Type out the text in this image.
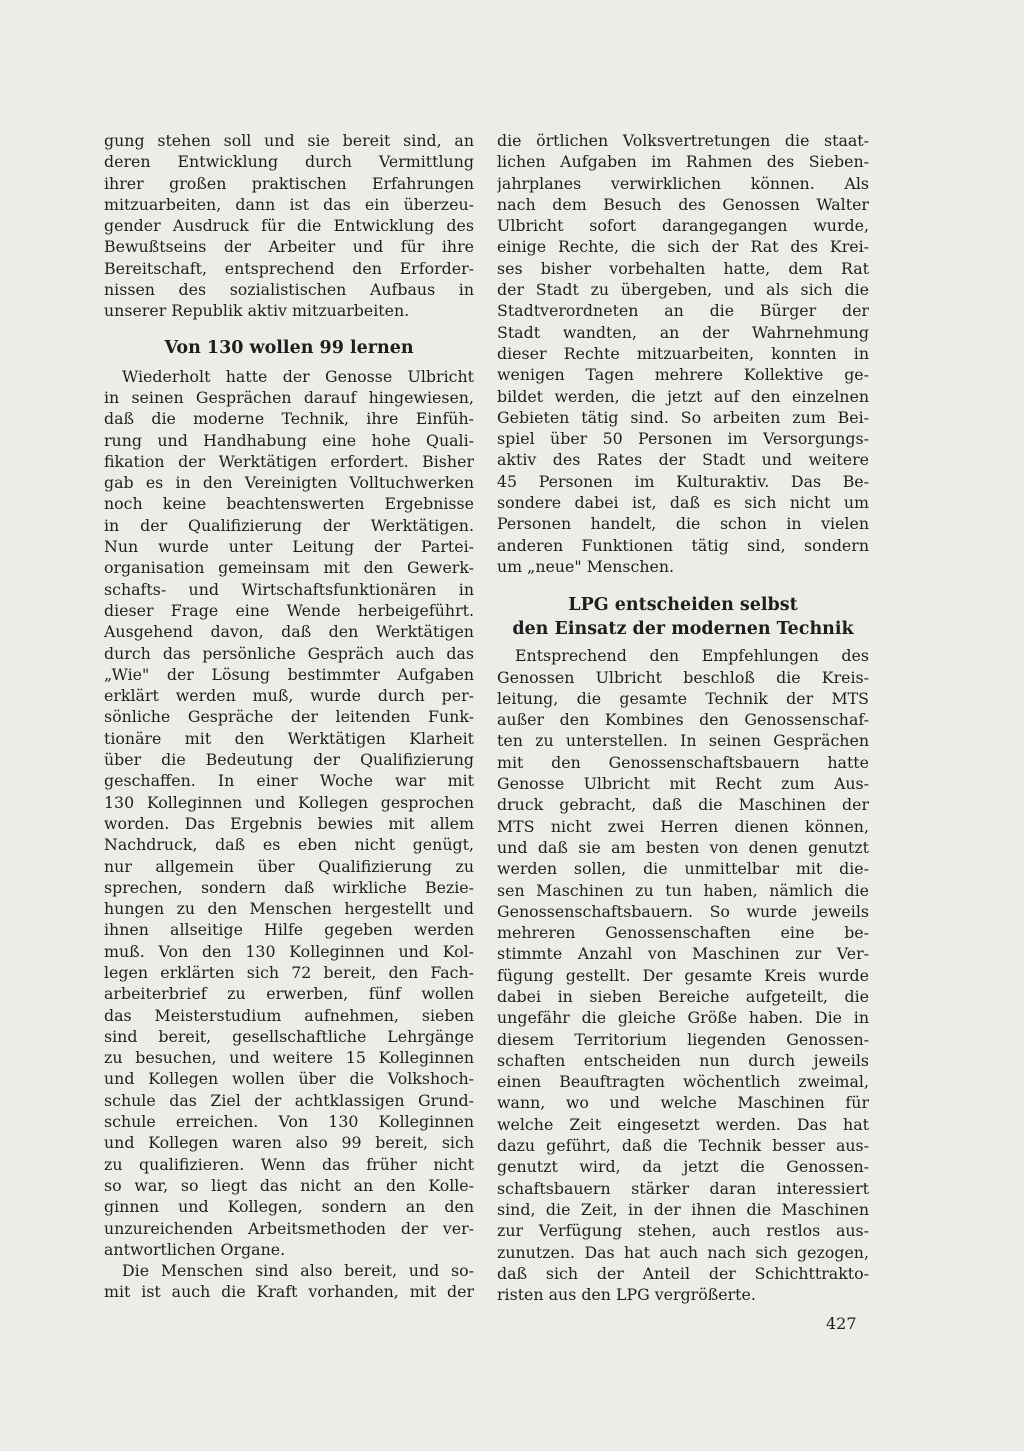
gung stehen soll und sie bereit sind, an
deren Entwicklung durch Vermittlung
ihrer großen praktischen Erfahrungen
mitzuarbeiten, dann ist das ein überzeu-
gender Ausdruck für die Entwicklung des
Bewußtseins der Arbeiter und für ihre
Bereitschaft, entsprechend den Erforder-
nissen des sozialistischen Aufbaus in
unserer Republik aktiv mitzuarbeiten.
Von 130 wollen 99 lernen
Wiederholt hatte der Genosse Ulbricht
in seinen Gesprächen darauf hingewiesen,
daß die moderne Technik, ihre Einfüh-
rung und Handhabung eine hohe Quali-
fikation der Werktätigen erfordert. Bisher
gab es in den Vereinigten Volltuchwerken
noch keine beachtenswerten Ergebnisse
in der Qualifizierung der Werktätigen.
Nun wurde unter Leitung der Partei-
organisation gemeinsam mit den Gewerk-
schafts- und Wirtschaftsfunktionären in
dieser Frage eine Wende herbeigeführt.
Ausgehend davon, daß den Werktätigen
durch das persönliche Gespräch auch das
„Wie" der Lösung bestimmter Aufgaben
erklärt werden muß, wurde durch per-
sönliche Gespräche der leitenden Funk-
tionäre mit den Werktätigen Klarheit
über die Bedeutung der Qualifizierung
geschaffen. In einer Woche war mit
130 Kolleginnen und Kollegen gesprochen
worden. Das Ergebnis bewies mit allem
Nachdruck, daß es eben nicht genügt,
nur allgemein über Qualifizierung zu
sprechen, sondern daß wirkliche Bezie-
hungen zu den Menschen hergestellt und
ihnen allseitige Hilfe gegeben werden
muß. Von den 130 Kolleginnen und Kol-
legen erklärten sich 72 bereit, den Fach-
arbeiterbrief zu erwerben, fünf wollen
das Meisterstudium aufnehmen, sieben
sind bereit, gesellschaftliche Lehrgänge
zu besuchen, und weitere 15 Kolleginnen
und Kollegen wollen über die Volkshoch-
schule das Ziel der achtklassigen Grund-
schule erreichen. Von 130 Kolleginnen
und Kollegen waren also 99 bereit, sich
zu qualifizieren. Wenn das früher nicht
so war, so liegt das nicht an den Kolle-
ginnen und Kollegen, sondern an den
unzureichenden Arbeitsmethoden der ver-
antwortlichen Organe.
Die Menschen sind also bereit, und so-
mit ist auch die Kraft vorhanden, mit der
die örtlichen Volksvertretungen die staat-
lichen Aufgaben im Rahmen des Sieben-
jahrplanes verwirklichen können. Als
nach dem Besuch des Genossen Walter
Ulbricht sofort darangegangen wurde,
einige Rechte, die sich der Rat des Krei-
ses bisher vorbehalten hatte, dem Rat
der Stadt zu übergeben, und als sich die
Stadtverordneten an die Bürger der
Stadt wandten, an der Wahrnehmung
dieser Rechte mitzuarbeiten, konnten in
wenigen Tagen mehrere Kollektive ge-
bildet werden, die jetzt auf den einzelnen
Gebieten tätig sind. So arbeiten zum Bei-
spiel über 50 Personen im Versorgungs-
aktiv des Rates der Stadt und weitere
45 Personen im Kulturaktiv. Das Be-
sondere dabei ist, daß es sich nicht um
Personen handelt, die schon in vielen
anderen Funktionen tätig sind, sondern
um „neue" Menschen.
LPG entscheiden selbst
den Einsatz der modernen Technik
Entsprechend den Empfehlungen des
Genossen Ulbricht beschloß die Kreis-
leitung, die gesamte Technik der MTS
außer den Kombines den Genossenschaf-
ten zu unterstellen. In seinen Gesprächen
mit den Genossenschaftsbauern hatte
Genosse Ulbricht mit Recht zum Aus-
druck gebracht, daß die Maschinen der
MTS nicht zwei Herren dienen können,
und daß sie am besten von denen genutzt
werden sollen, die unmittelbar mit die-
sen Maschinen zu tun haben, nämlich die
Genossenschaftsbauern. So wurde jeweils
mehreren Genossenschaften eine be-
stimmte Anzahl von Maschinen zur Ver-
fügung gestellt. Der gesamte Kreis wurde
dabei in sieben Bereiche aufgeteilt, die
ungefähr die gleiche Größe haben. Die in
diesem Territorium liegenden Genossen-
schaften entscheiden nun durch jeweils
einen Beauftragten wöchentlich zweimal,
wann, wo und welche Maschinen für
welche Zeit eingesetzt werden. Das hat
dazu geführt, daß die Technik besser aus-
genutzt wird, da jetzt die Genossen-
schaftsbauern stärker daran interessiert
sind, die Zeit, in der ihnen die Maschinen
zur Verfügung stehen, auch restlos aus-
zunutzen. Das hat auch nach sich gezogen,
daß sich der Anteil der Schichttrakto-
risten aus den LPG vergrößerte.
427
